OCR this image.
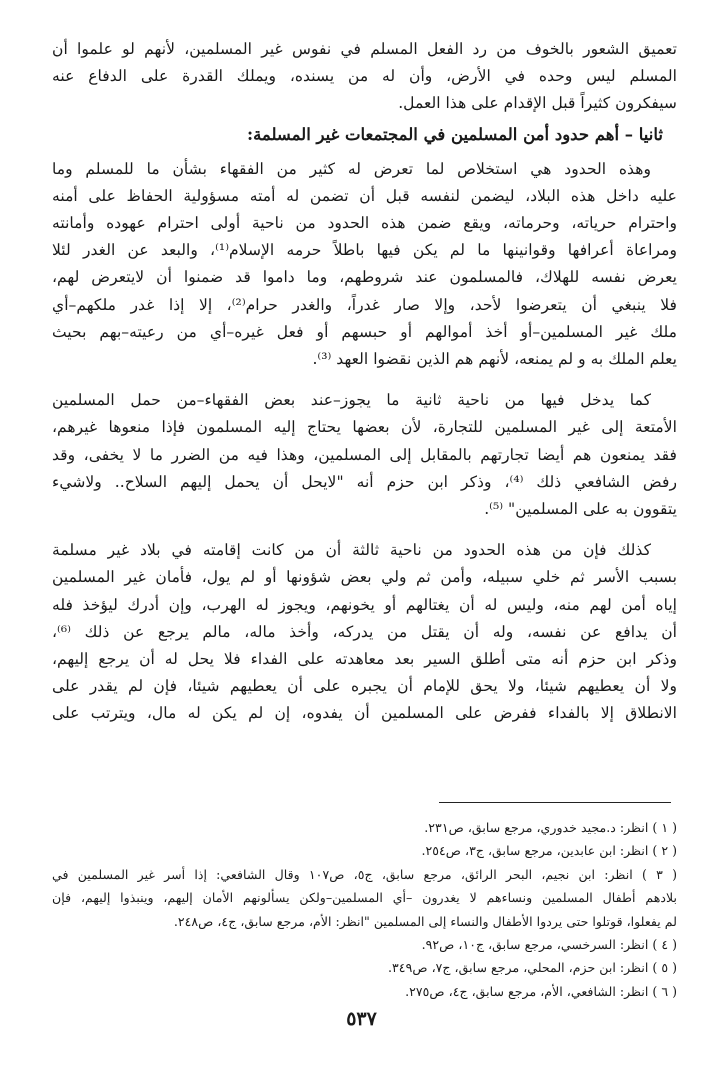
تعميق الشعور بالخوف من رد الفعل المسلم في نفوس غير المسلمين، لأنهم لو علموا أن
المسلم ليس وحده في الأرض، وأن له من يسنده، ويملك القدرة على الدفاع عنه
سيفكرون كثيراً قبل الإقدام على هذا العمل.

ثانيا – أهم حدود أمن المسلمين في المجتمعات غير المسلمة:

وهذه الحدود هي استخلاص لما تعرض له كثير من الفقهاء بشأن ما للمسلم وما
عليه داخل هذه البلاد، ليضمن لنفسه قبل أن تضمن له أمته مسؤولية الحفاظ على أمنه
واحترام حرياته، وحرماته، ويقع ضمن هذه الحدود من ناحية أولى احترام عهوده وأمانته
ومراعاة أعرافها وقوانينها ما لم يكن فيها باطلاً حرمه الإسلام⁽¹⁾، والبعد عن الغدر لئلا
يعرض نفسه للهلاك، فالمسلمون عند شروطهم، وما داموا قد ضمنوا أن لايتعرض لهم،
فلا ينبغي أن يتعرضوا لأحد، وإلا صار غدراً، والغدر حرام⁽²⁾، إلا إذا غدر ملكهم–أي
ملك غير المسلمين–أو أخذ أموالهم أو حبسهم أو فعل غيره–أي من رعيته–بهم بحيث
يعلم الملك به و لم يمنعه، لأنهم هم الذين نقضوا العهد ⁽³⁾.

كما يدخل فيها من ناحية ثانية ما يجوز–عند بعض الفقهاء–من حمل المسلمين
الأمتعة إلى غير المسلمين للتجارة، لأن بعضها يحتاج إليه المسلمون فإذا منعوها غيرهم،
فقد يمنعون هم أيضا تجارتهم بالمقابل إلى المسلمين، وهذا فيه من الضرر ما لا يخفى، وقد
رفض الشافعي ذلك ⁽⁴⁾، وذكر ابن حزم أنه "لايحل أن يحمل إليهم السلاح.. ولاشيء
يتقوون به على المسلمين" ⁽⁵⁾.

كذلك فإن من هذه الحدود من ناحية ثالثة أن من كانت إقامته في بلاد غير مسلمة
بسبب الأسر ثم خلي سبيله، وأمن ثم ولي بعض شؤونها أو لم يول، فأمان غير المسلمين
إياه أمن لهم منه، وليس له أن يغتالهم أو يخونهم، ويجوز له الهرب، وإن أدرك ليؤخذ فله
أن يدافع عن نفسه، وله أن يقتل من يدركه، وأخذ ماله، مالم يرجع عن ذلك ⁽⁶⁾،
وذكر ابن حزم أنه متى أطلق السير بعد معاهدته على الفداء فلا يحل له أن يرجع إليهم،
ولا أن يعطيهم شيئا، ولا يحق للإمام أن يجبره على أن يعطيهم شيئا، فإن لم يقدر على
الانطلاق إلا بالفداء ففرض على المسلمين أن يفدوه، إن لم يكن له مال، ويترتب على

( ١ ) انظر: د.مجيد خدوري، مرجع سابق، ص٢٣١.
( ٢ ) انظر: ابن عابدين، مرجع سابق، ج٣، ص٢٥٤.
( ٣ ) انظر: ابن نجيم، البحر الرائق، مرجع سابق، ج٥، ص١٠٧ وقال الشافعي: إذا أسر غير المسلمين في
بلادهم أطفال المسلمين ونساءهم لا يغدرون –أي المسلمين–ولكن يسألونهم الأمان إليهم، وينبذوا إليهم، فإن
لم يفعلوا، قوتلوا حتى يردوا الأطفال والنساء إلى المسلمين "انظر: الأم، مرجع سابق، ج٤، ص٢٤٨.
( ٤ ) انظر: السرخسي، مرجع سابق، ج١٠، ص٩٢.
( ٥ ) انظر: ابن حزم، المحلي، مرجع سابق، ج٧، ص٣٤٩.
( ٦ ) انظر: الشافعي، الأم، مرجع سابق، ج٤، ص٢٧٥.
٥٣٧
